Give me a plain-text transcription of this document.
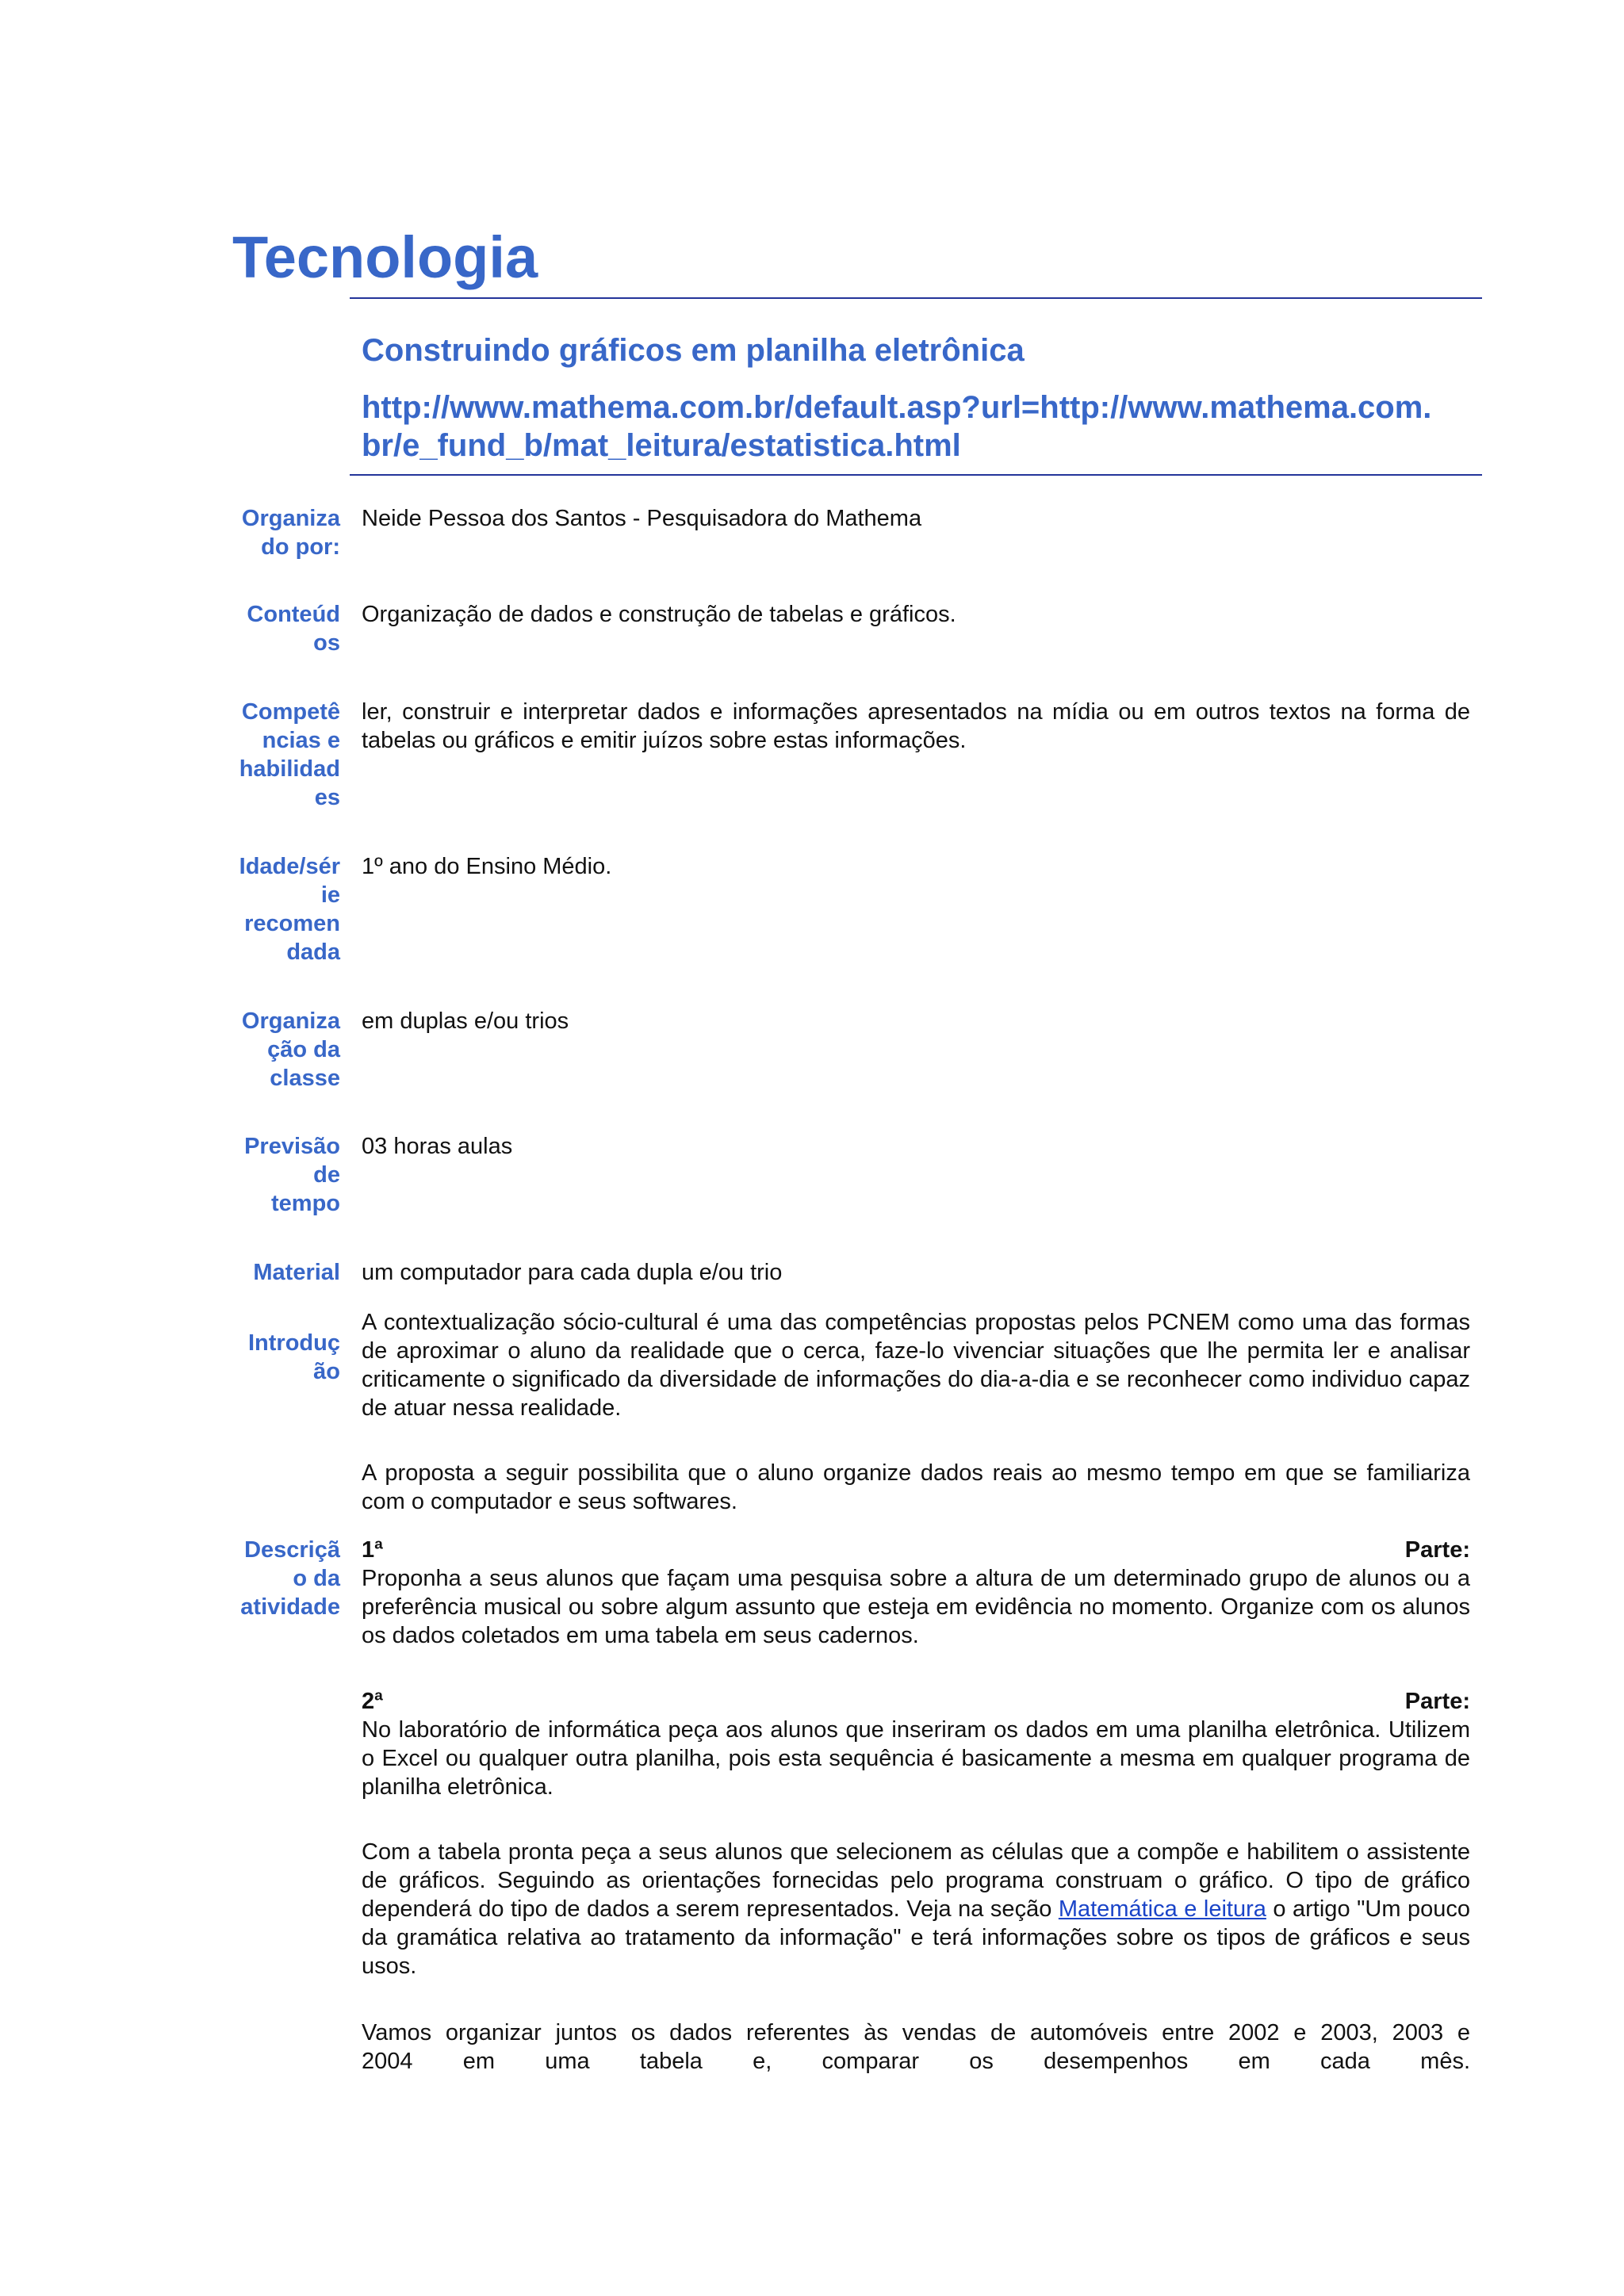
Tecnologia
Construindo gráficos em planilha eletrônica
http://www.mathema.com.br/default.asp?url=http://www.mathema.com.
br/e_fund_b/mat_leitura/estatistica.html
Organiza
do por:
Neide Pessoa dos Santos - Pesquisadora do Mathema
Conteúd
os
Organização de dados e construção de tabelas e gráficos.
Competê
ncias e
habilidad
es
ler, construir e interpretar dados e informações apresentados na mídia ou em outros textos na forma de tabelas ou gráficos e emitir juízos sobre estas informações.
Idade/sér
ie
recomen
dada
1º ano do Ensino Médio.
Organiza
ção da
classe
em duplas e/ou trios
Previsão
de
tempo
03 horas aulas
Material um computador para cada dupla e/ou trio
Introduç
ão
A contextualização sócio-cultural é uma das competências propostas pelos PCNEM como uma das formas de aproximar o aluno da realidade que o cerca, faze-lo vivenciar situações que lhe permita ler e analisar criticamente o significado da diversidade de informações do dia-a-dia e se reconhecer como individuo capaz de atuar nessa realidade.
A proposta a seguir possibilita que o aluno organize dados reais ao mesmo tempo em que se familiariza com o computador e seus softwares.
Descriçã
o da
atividade
1ª	Parte:
Proponha a seus alunos que façam uma pesquisa sobre a altura de um determinado grupo de alunos ou a preferência musical ou sobre algum assunto que esteja em evidência no momento. Organize com os alunos os dados coletados em uma tabela em seus cadernos.
2ª	Parte:
No laboratório de informática peça aos alunos que inseriram os dados em uma planilha eletrônica. Utilizem o Excel ou qualquer outra planilha, pois esta sequência é basicamente a mesma em qualquer programa de planilha eletrônica.
Com a tabela pronta peça a seus alunos que selecionem as células que a compõe e habilitem o assistente de gráficos. Seguindo as orientações fornecidas pelo programa construam o gráfico. O tipo de gráfico dependerá do tipo de dados a serem representados. Veja na seção Matemática e leitura o artigo "Um pouco da gramática relativa ao tratamento da informação" e terá informações sobre os tipos de gráficos e seus usos.
Vamos organizar juntos os dados referentes às vendas de automóveis entre 2002 e 2003, 2003 e
2004 em uma tabela e, comparar os desempenhos em cada mês.
